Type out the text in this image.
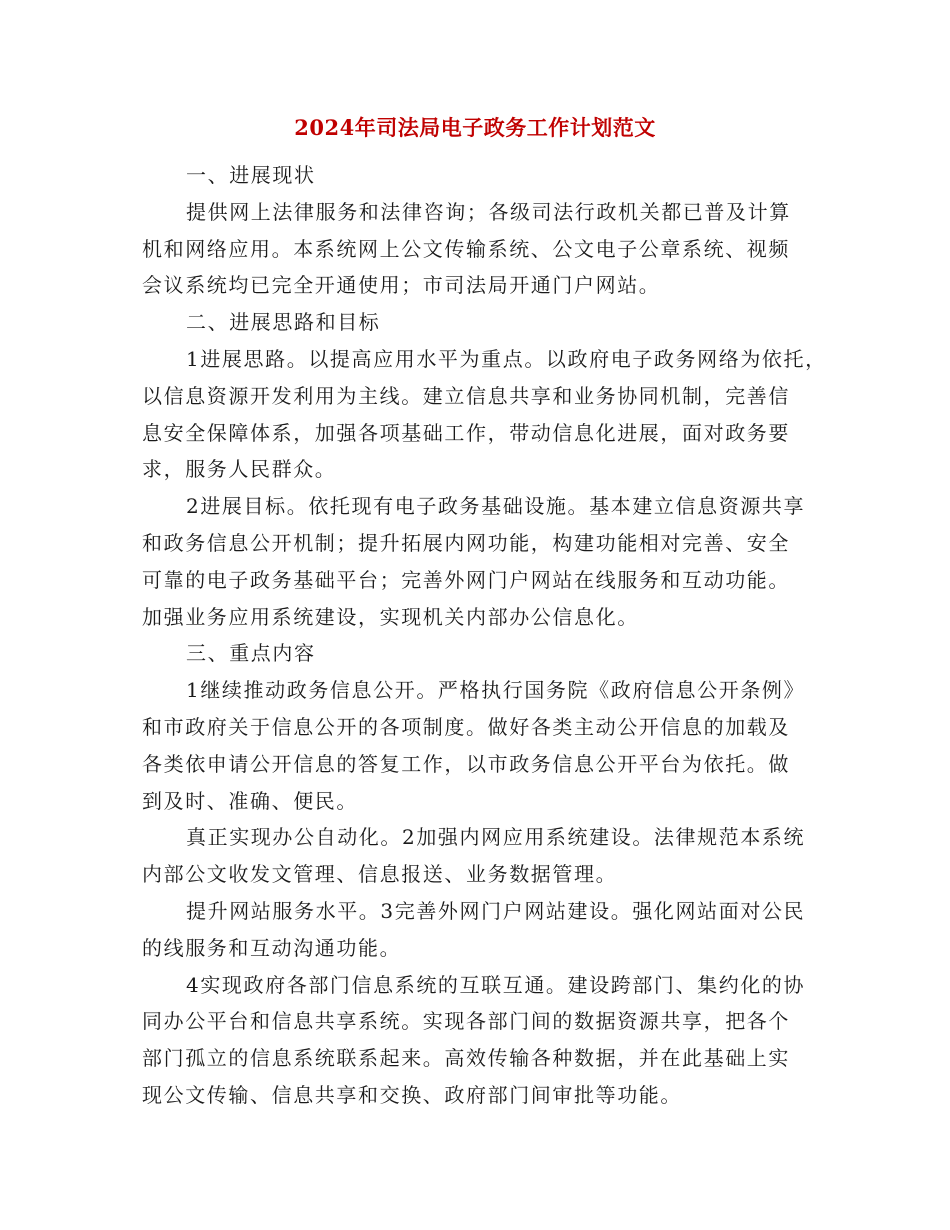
2024年司法局电子政务工作计划范文
一、进展现状
提供网上法律服务和法律咨询；各级司法行政机关都已普及计算
机和网络应用。本系统网上公文传输系统、公文电子公章系统、视频
会议系统均已完全开通使用；市司法局开通门户网站。
二、进展思路和目标
1进展思路。以提高应用水平为重点。以政府电子政务网络为依托，
以信息资源开发利用为主线。建立信息共享和业务协同机制，完善信
息安全保障体系，加强各项基础工作，带动信息化进展，面对政务要
求，服务人民群众。
2进展目标。依托现有电子政务基础设施。基本建立信息资源共享
和政务信息公开机制；提升拓展内网功能，构建功能相对完善、安全
可靠的电子政务基础平台；完善外网门户网站在线服务和互动功能。
加强业务应用系统建设，实现机关内部办公信息化。
三、重点内容
1继续推动政务信息公开。严格执行国务院《政府信息公开条例》
和市政府关于信息公开的各项制度。做好各类主动公开信息的加载及
各类依申请公开信息的答复工作，以市政务信息公开平台为依托。做
到及时、准确、便民。
真正实现办公自动化。2加强内网应用系统建设。法律规范本系统
内部公文收发文管理、信息报送、业务数据管理。
提升网站服务水平。3完善外网门户网站建设。强化网站面对公民
的线服务和互动沟通功能。
4实现政府各部门信息系统的互联互通。建设跨部门、集约化的协
同办公平台和信息共享系统。实现各部门间的数据资源共享，把各个
部门孤立的信息系统联系起来。高效传输各种数据，并在此基础上实
现公文传输、信息共享和交换、政府部门间审批等功能。
